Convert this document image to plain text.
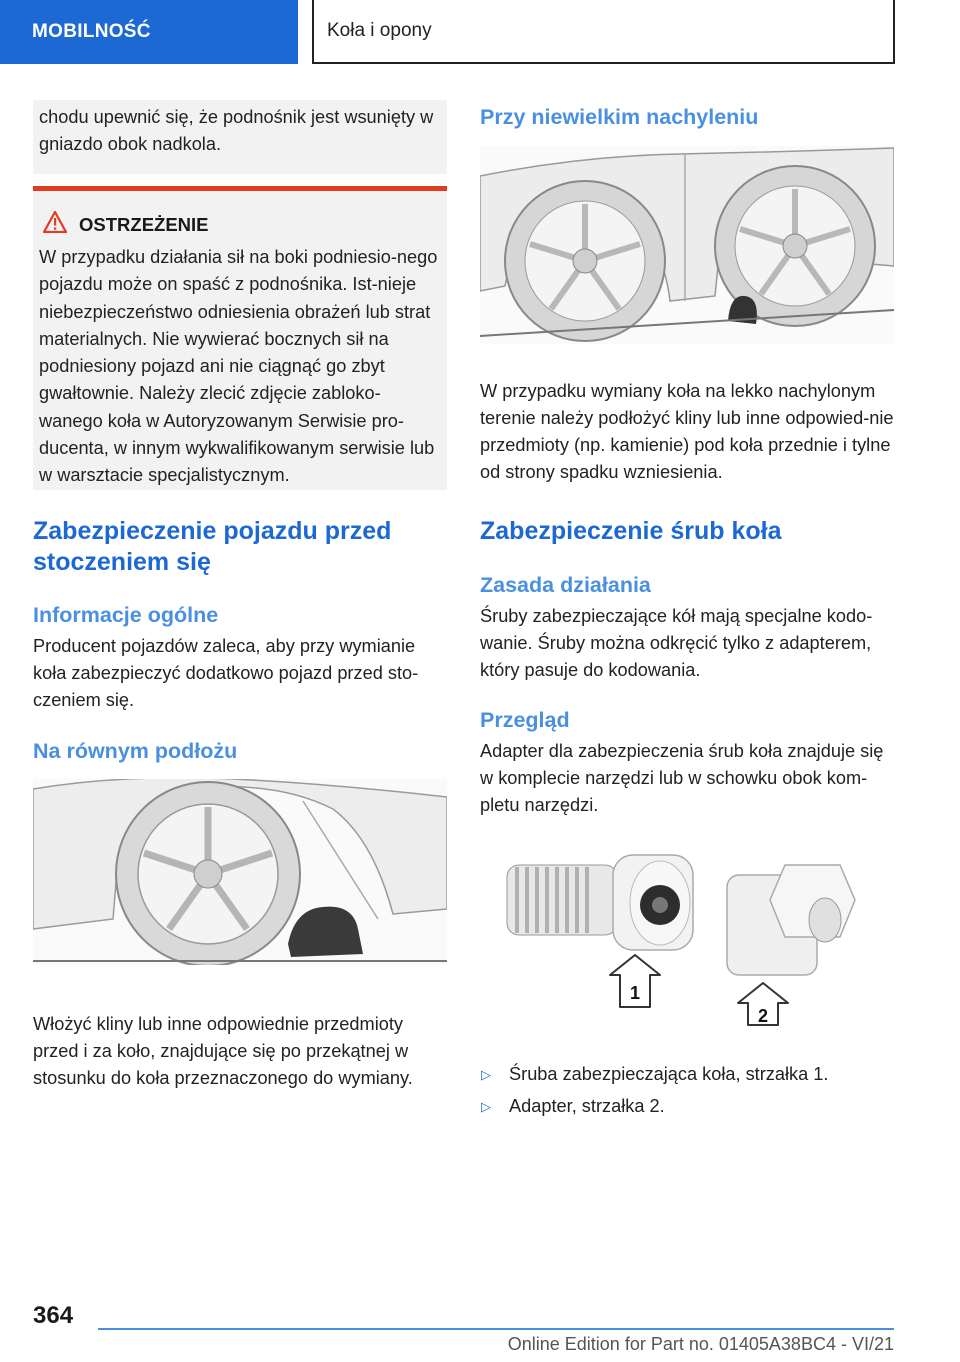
MOBILNOŚĆ	Koła i opony
chodu upewnić się, że podnośnik jest wsunięty w gniazdo obok nadkola.
OSTRZEŻENIE
W przypadku działania sił na boki podniesio-nego pojazdu może on spaść z podnośnika. Ist-nieje niebezpieczeństwo odniesienia obrażeń lub strat materialnych. Nie wywierać bocznych sił na podniesiony pojazd ani nie ciągnąć go zbyt gwałtownie. Należy zlecić zdjęcie zabloko-wanego koła w Autoryzowanym Serwisie pro-ducenta, w innym wykwalifikowanym serwisie lub w warsztacie specjalistycznym.
Zabezpieczenie pojazdu przed stoczeniem się
Informacje ogólne
Producent pojazdów zaleca, aby przy wymianie koła zabezpieczyć dodatkowo pojazd przed sto-czeniem się.
Na równym podłożu
Włożyć kliny lub inne odpowiednie przedmioty przed i za koło, znajdujące się po przekątnej w stosunku do koła przeznaczonego do wymiany.
Przy niewielkim nachyleniu
W przypadku wymiany koła na lekko nachylonym terenie należy podłożyć kliny lub inne odpowied-nie przedmioty (np. kamienie) pod koła przednie i tylne od strony spadku wzniesienia.
Zabezpieczenie śrub koła
Zasada działania
Śruby zabezpieczające kół mają specjalne kodo-wanie. Śruby można odkręcić tylko z adapterem, który pasuje do kodowania.
Przegląd
Adapter dla zabezpieczenia śrub koła znajduje się w komplecie narzędzi lub w schowku obok kom-pletu narzędzi.
1
2
▷ Śruba zabezpieczająca koła, strzałka 1.
▷ Adapter, strzałka 2.
364
Online Edition for Part no. 01405A38BC4 - VI/21
